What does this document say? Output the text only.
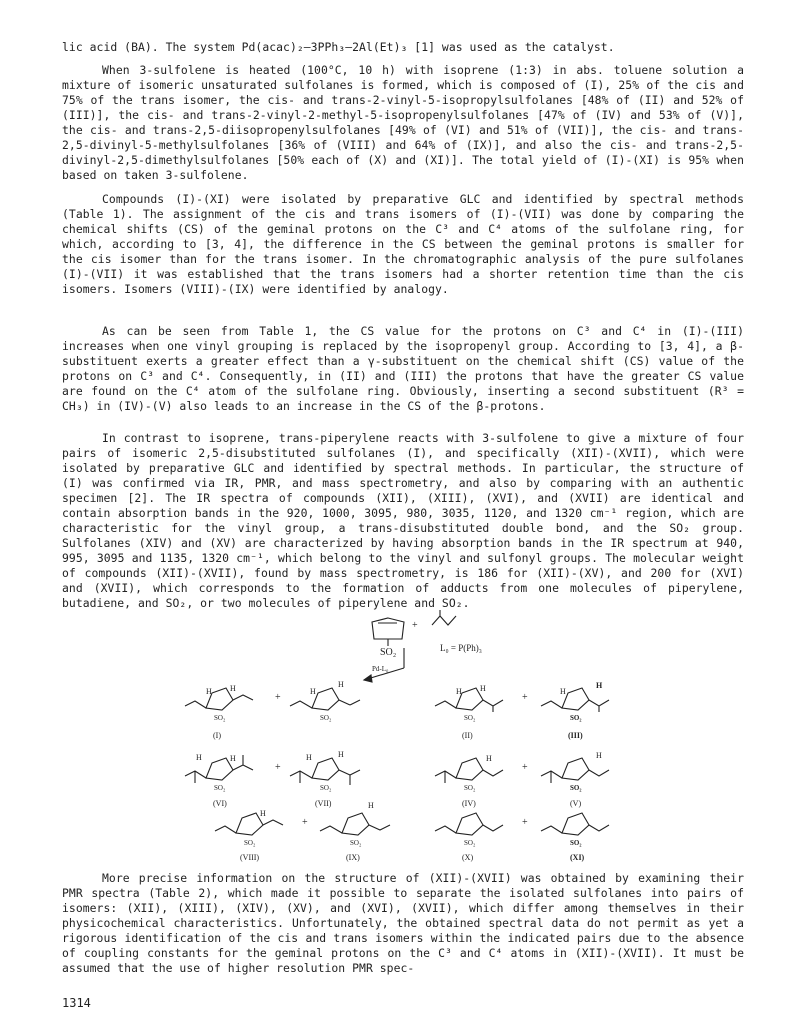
lic acid (BA). The system Pd(acac)₂—3PPh₃—2Al(Et)₃ [1] was used as the catalyst.
When 3-sulfolene is heated (100°C, 10 h) with isoprene (1:3) in abs. toluene solution a mixture of isomeric unsaturated sulfolanes is formed, which is composed of (I), 25% of the cis and 75% of the trans isomer, the cis- and trans-2-vinyl-5-isopropylsulfolanes [48% of (II) and 52% of (III)], the cis- and trans-2-vinyl-2-methyl-5-isopropenylsulfolanes [47% of (IV) and 53% of (V)], the cis- and trans-2,5-diisopropenylsulfolanes [49% of (VI) and 51% of (VII)], the cis- and trans-2,5-divinyl-5-methylsulfolanes [36% of (VIII) and 64% of (IX)], and also the cis- and trans-2,5-divinyl-2,5-dimethylsulfolanes [50% each of (X) and (XI)]. The total yield of (I)-(XI) is 95% when based on taken 3-sulfolene.
Compounds (I)-(XI) were isolated by preparative GLC and identified by spectral methods (Table 1). The assignment of the cis and trans isomers of (I)-(VII) was done by comparing the chemical shifts (CS) of the geminal protons on the C³ and C⁴ atoms of the sulfolane ring, for which, according to [3, 4], the difference in the CS between the geminal protons is smaller for the cis isomer than for the trans isomer. In the chromatographic analysis of the pure sulfolanes (I)-(VII) it was established that the trans isomers had a shorter retention time than the cis isomers. Isomers (VIII)-(IX) were identified by analogy.
As can be seen from Table 1, the CS value for the protons on C³ and C⁴ in (I)-(III) increases when one vinyl grouping is replaced by the isopropenyl group. According to [3, 4], a β-substituent exerts a greater effect than a γ-substituent on the chemical shift (CS) value of the protons on C³ and C⁴. Consequently, in (II) and (III) the protons that have the greater CS value are found on the C⁴ atom of the sulfolane ring. Obviously, inserting a second substituent (R³ = CH₃) in (IV)-(V) also leads to an increase in the CS of the β-protons.
In contrast to isoprene, trans-piperylene reacts with 3-sulfolene to give a mixture of four pairs of isomeric 2,5-disubstituted sulfolanes (I), and specifically (XII)-(XVII), which were isolated by preparative GLC and identified by spectral methods. In particular, the structure of (I) was confirmed via IR, PMR, and mass spectrometry, and also by comparing with an authentic specimen [2]. The IR spectra of compounds (XII), (XIII), (XVI), and (XVII) are identical and contain absorption bands in the 920, 1000, 3095, 980, 3035, 1120, and 1320 cm⁻¹ region, which are characteristic for the vinyl group, a trans-disubstituted double bond, and the SO₂ group. Sulfolanes (XIV) and (XV) are characterized by having absorption bands in the IR spectrum at 940, 995, 3095 and 1135, 1320 cm⁻¹, which belong to the vinyl and sulfonyl groups. The molecular weight of compounds (XII)-(XVII), found by mass spectrometry, is 186 for (XII)-(XV), and 200 for (XVI) and (XVII), which corresponds to the formation of adducts from one molecules of piperylene, butadiene, and SO₂, or two molecules of piperylene and SO₂.
SO₂
+
L₀ = P(Ph)₃
Pd-L₀
H H
SO₂
+
H
H
SO₂
H H
SO₂
+
H
H
SO₂
(I)	(II)	(III)
H	H
SO₂
+
H	H
SO₂
H
SO₂
+
H
SO₂
(VI)	(VII)	(IV)	(V)
H
SO₂
+
H
SO₂	SO₂
+
SO₂
(VIII)	(IX)	(X)	(XI)
More precise information on the structure of (XII)-(XVII) was obtained by examining their PMR spectra (Table 2), which made it possible to separate the isolated sulfolanes into pairs of isomers: (XII), (XIII), (XIV), (XV), and (XVI), (XVII), which differ among themselves in their physicochemical characteristics. Unfortunately, the obtained spectral data do not permit as yet a rigorous identification of the cis and trans isomers within the indicated pairs due to the absence of coupling constants for the geminal protons on the C³ and C⁴ atoms in (XII)-(XVII). It must be assumed that the use of higher resolution PMR spec-
1314
